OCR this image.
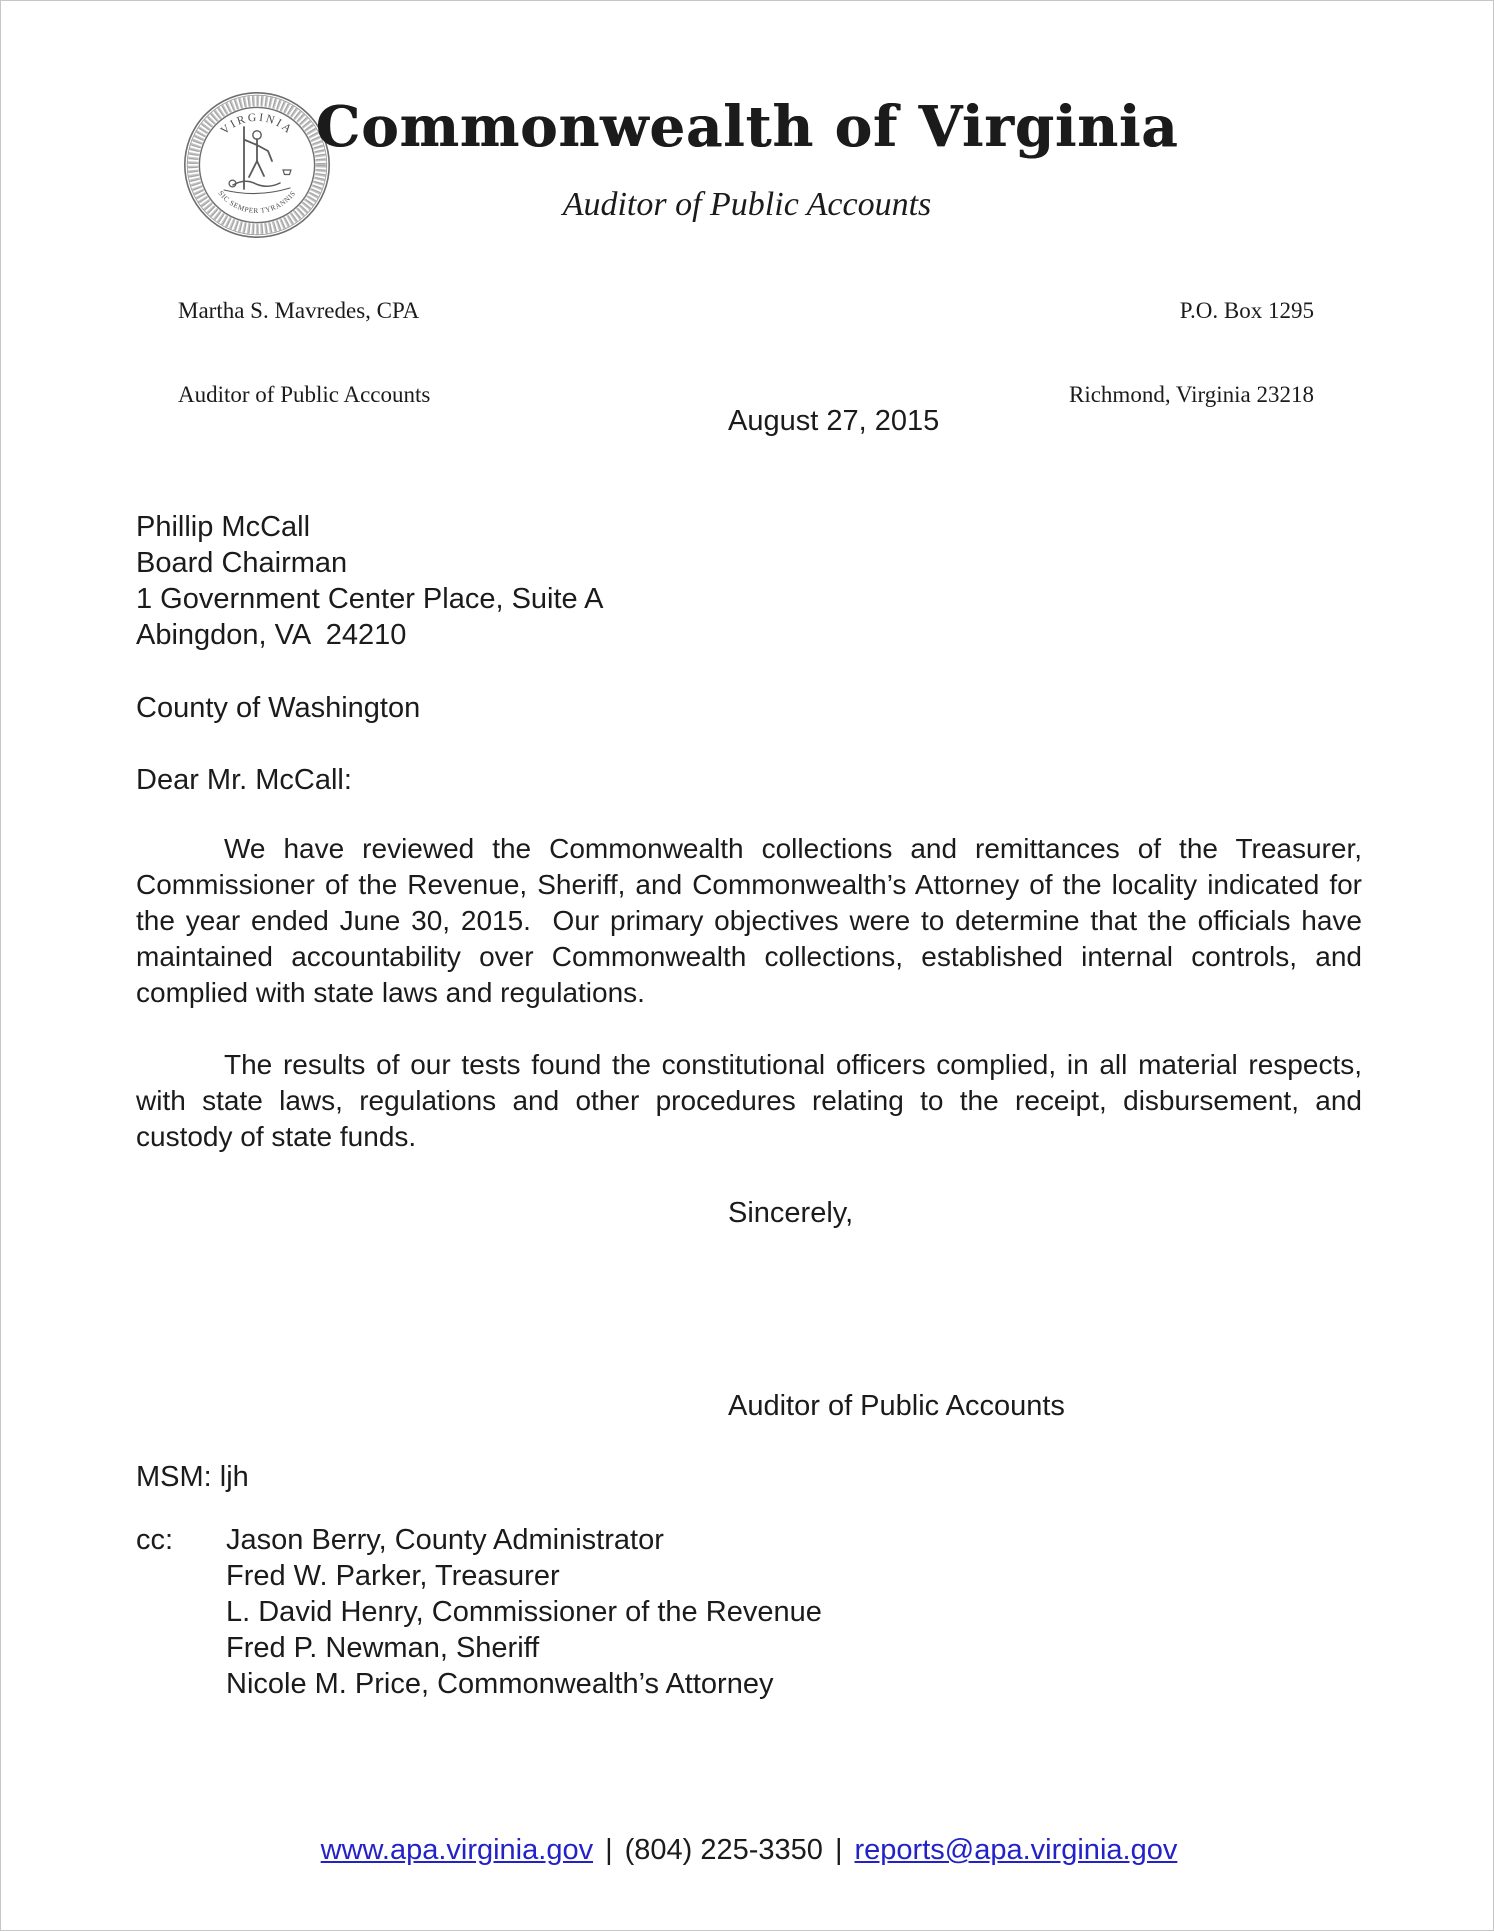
VIRGINIA
SIC SEMPER TYRANNIS
Commonwealth of Virginia
Auditor of Public Accounts

Martha S. Mavredes, CPA

Auditor of Public Accounts

P.O. Box 1295

Richmond, Virginia 23218

August 27, 2015
Phillip McCall
Board Chairman
1 Government Center Place, Suite A
Abingdon, VA  24210
County of Washington
Dear Mr. McCall:

We have reviewed the Commonwealth collections and remittances of the Treasurer, Commissioner of the Revenue, Sheriff, and Commonwealth’s Attorney of the locality indicated for the year ended June 30, 2015.  Our primary objectives were to determine that the officials have maintained accountability over Commonwealth collections, established internal controls, and complied with state laws and regulations.

The results of our tests found the constitutional officers complied, in all material respects, with state laws, regulations and other procedures relating to the receipt, disbursement, and custody of state funds.

Sincerely,
Auditor of Public Accounts
MSM: ljh
cc:	Jason Berry, County Administrator
Fred W. Parker, Treasurer
L. David Henry, Commissioner of the Revenue
Fred P. Newman, Sheriff
Nicole M. Price, Commonwealth’s Attorney
www.apa.virginia.gov | (804) 225-3350 | reports@apa.virginia.gov
